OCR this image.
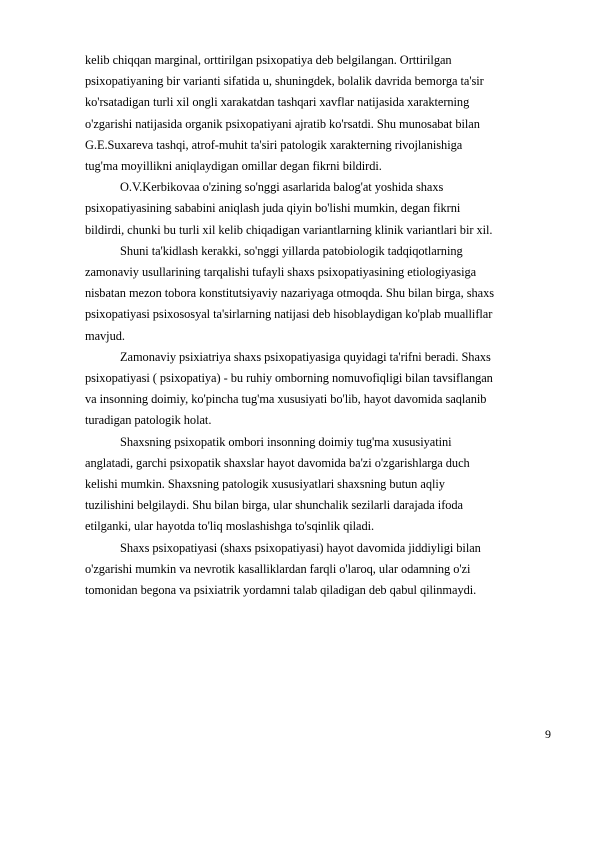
kelib chiqqan marginal, orttirilgan psixopatiya deb belgilangan. Orttirilgan
psixopatiyaning bir varianti sifatida u, shuningdek, bolalik davrida bemorga ta'sir
ko'rsatadigan turli xil ongli xarakatdan tashqari xavflar natijasida xarakterning
o'zgarishi natijasida organik psixopatiyani ajratib ko'rsatdi. Shu munosabat bilan
G.E.Suxareva tashqi, atrof-muhit ta'siri patologik xarakterning rivojlanishiga
tug'ma moyillikni aniqlaydigan omillar degan fikrni bildirdi.
O.V.Kerbikovaa o'zining so'nggi asarlarida balog'at yoshida shaxs
psixopatiyasining sababini aniqlash juda qiyin bo'lishi mumkin, degan fikrni
bildirdi, chunki bu turli xil kelib chiqadigan variantlarning klinik variantlari bir xil.
Shuni ta'kidlash kerakki, so'nggi yillarda patobiologik tadqiqotlarning
zamonaviy usullarining tarqalishi tufayli shaxs psixopatiyasining etiologiyasiga
nisbatan mezon tobora konstitutsiyaviy nazariyaga otmoqda. Shu bilan birga, shaxs
psixopatiyasi psixososyal ta'sirlarning natijasi deb hisoblaydigan ko'plab mualliflar
mavjud.
Zamonaviy psixiatriya shaxs psixopatiyasiga quyidagi ta'rifni beradi. Shaxs
psixopatiyasi ( psixopatiya) - bu ruhiy omborning nomuvofiqligi bilan tavsiflangan
va insonning doimiy, ko'pincha tug'ma xususiyati bo'lib, hayot davomida saqlanib
turadigan patologik holat.
Shaxsning psixopatik ombori insonning doimiy tug'ma xususiyatini
anglatadi, garchi psixopatik shaxslar hayot davomida ba'zi o'zgarishlarga duch
kelishi mumkin. Shaxsning patologik xususiyatlari shaxsning butun aqliy
tuzilishini belgilaydi. Shu bilan birga, ular shunchalik sezilarli darajada ifoda
etilganki, ular hayotda to'liq moslashishga to'sqinlik qiladi.
Shaxs psixopatiyasi (shaxs psixopatiyasi) hayot davomida jiddiyligi bilan
o'zgarishi mumkin va nevrotik kasalliklardan farqli o'laroq, ular odamning o'zi
tomonidan begona va psixiatrik yordamni talab qiladigan deb qabul qilinmaydi.
9
